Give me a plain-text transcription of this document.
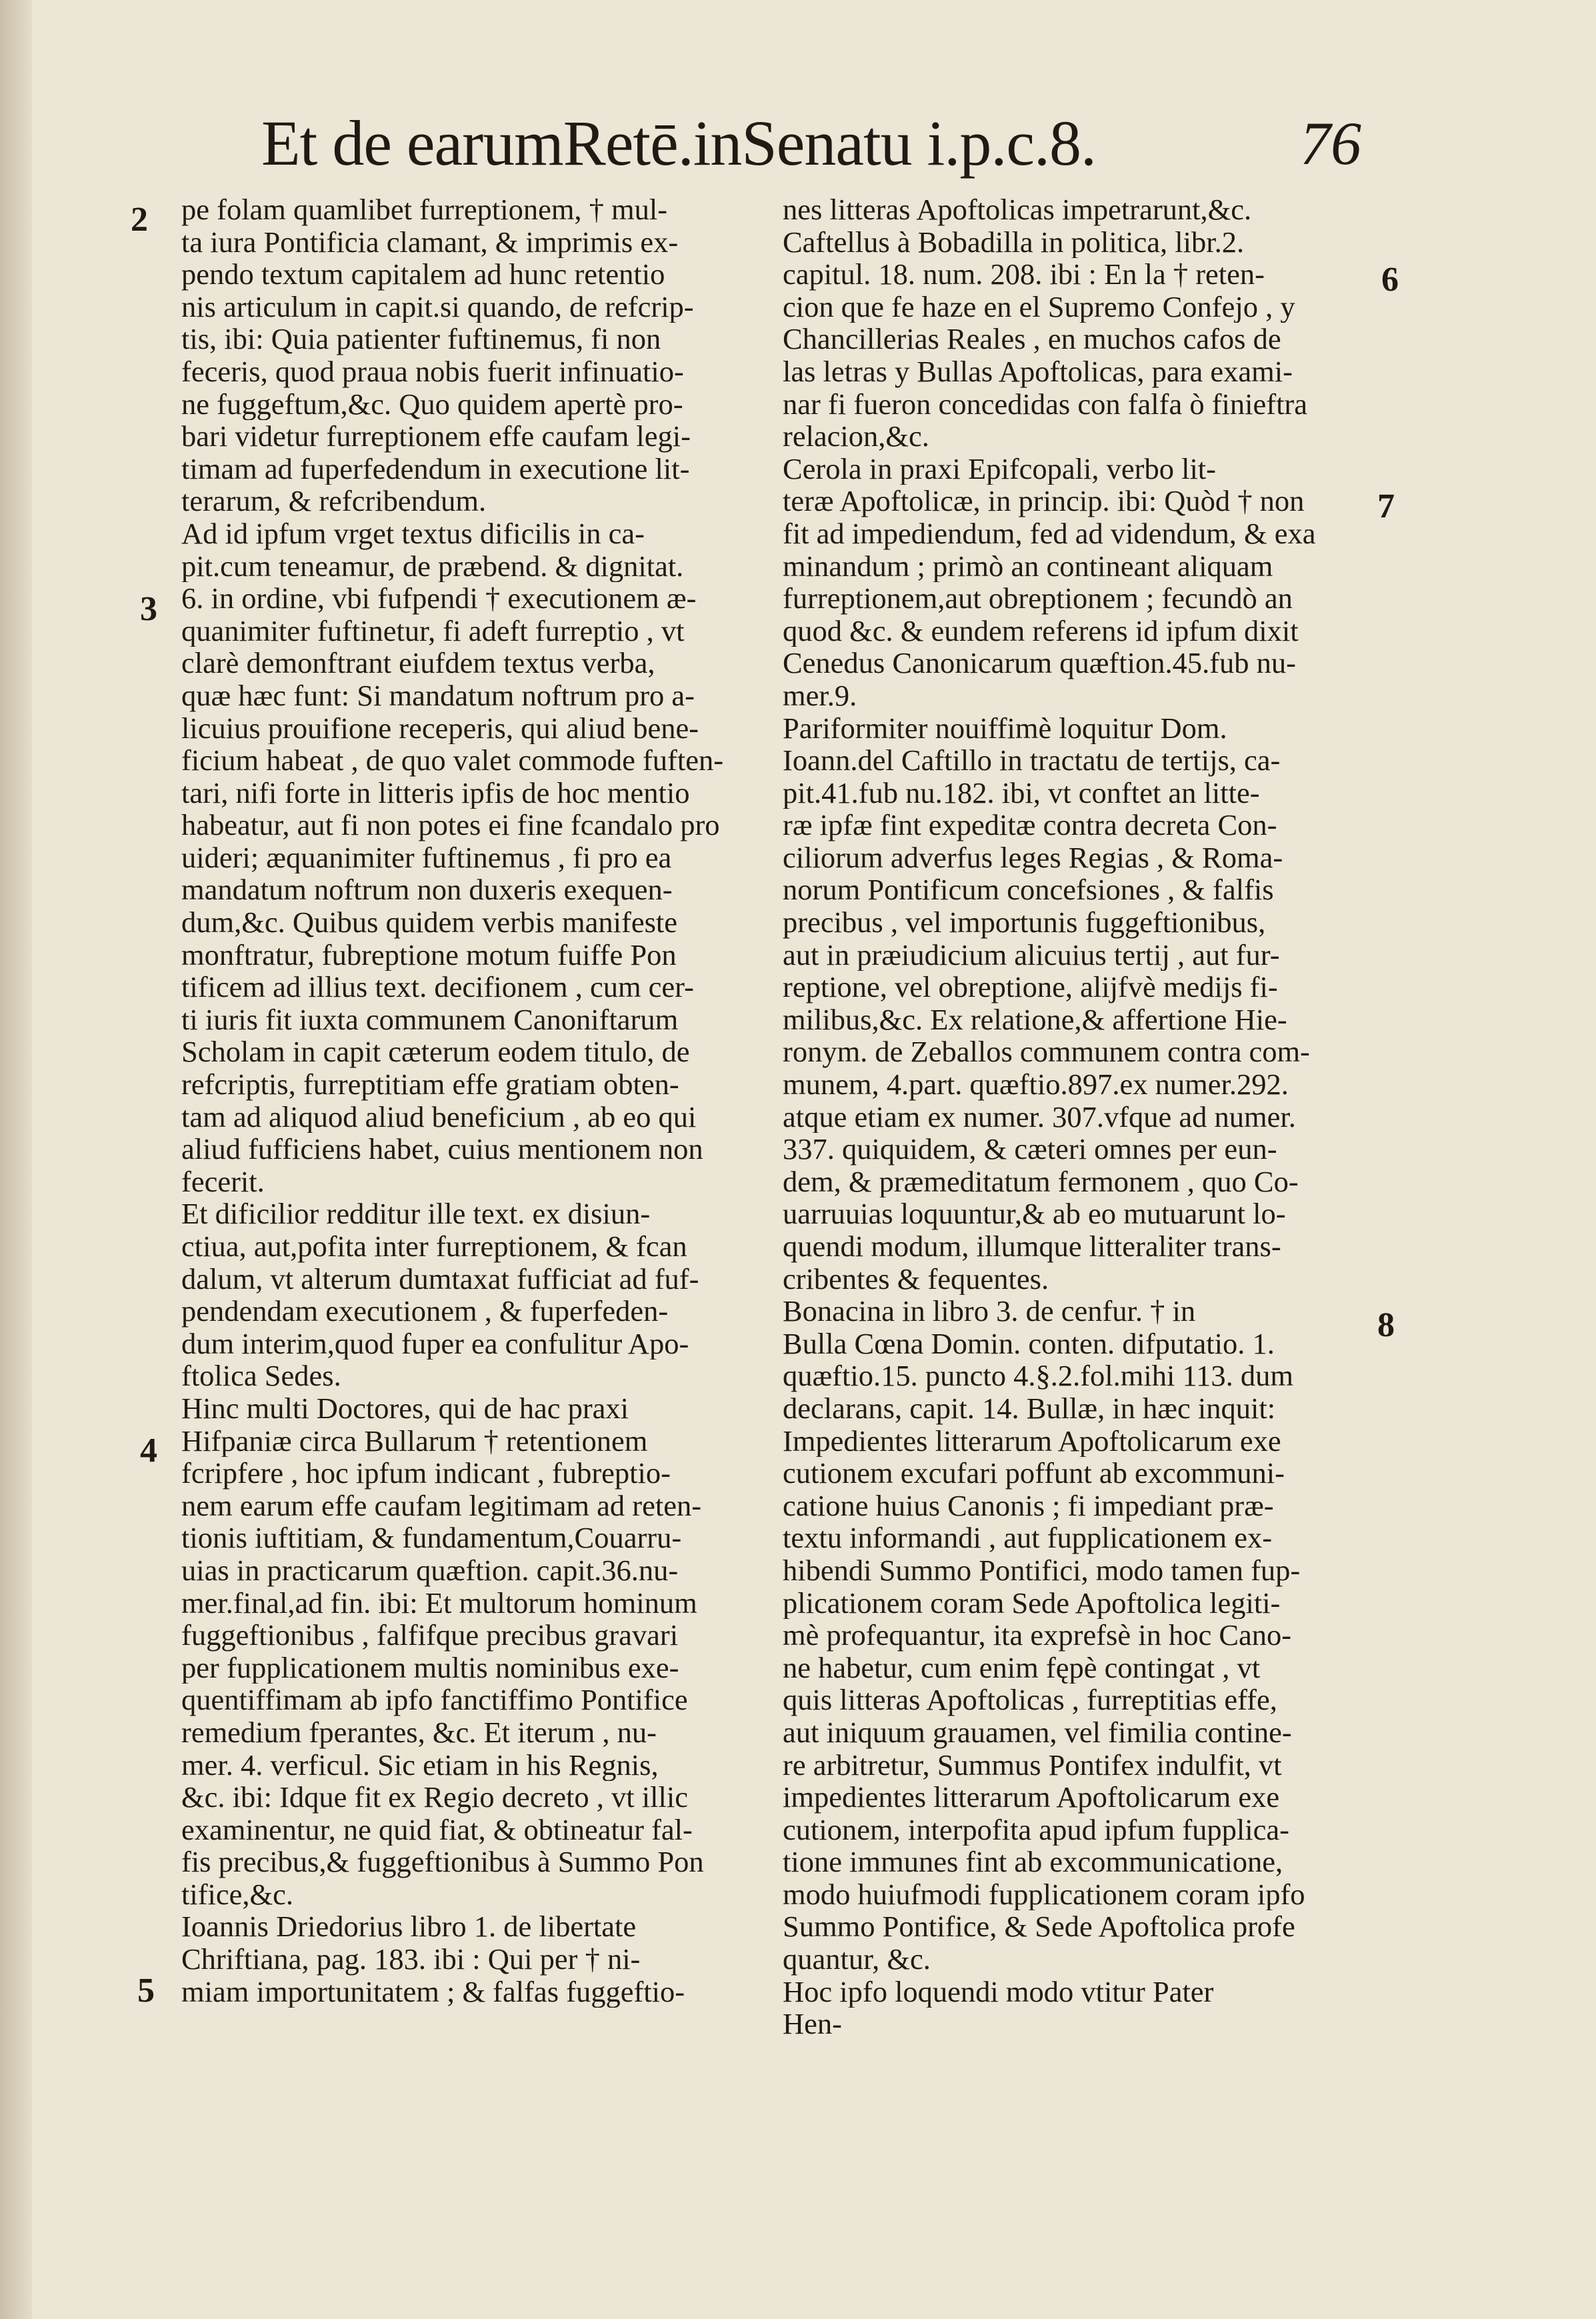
Et de earumRetē.inSenatu i.p.c.8.	76
2
3
4
5
6
7
8
pe folam quamlibet furreptionem, † mul-
ta iura Pontificia clamant, & imprimis ex-
pendo textum capitalem ad hunc retentio
nis articulum in capit.si quando, de refcrip-
tis, ibi: Quia patienter fuftinemus, fi non
feceris, quod praua nobis fuerit infinuatio-
ne fuggeftum,&c. Quo quidem apertè pro-
bari videtur furreptionem effe caufam legi-
timam ad fuperfedendum in executione lit-
terarum, & refcribendum.
Ad id ipfum vrget textus dificilis in ca-
pit.cum teneamur, de præbend. & dignitat.
6. in ordine, vbi fufpendi † executionem æ-
quanimiter fuftinetur, fi adeft furreptio , vt
clarè demonftrant eiufdem textus verba,
quæ hæc funt: Si mandatum noftrum pro a-
licuius prouifione receperis, qui aliud bene-
ficium habeat , de quo valet commode fuften-
tari, nifi forte in litteris ipfis de hoc mentio
habeatur, aut fi non potes ei fine fcandalo pro
uideri; æquanimiter fuftinemus , fi pro ea
mandatum noftrum non duxeris exequen-
dum,&c. Quibus quidem verbis manifeste
monftratur, fubreptione motum fuiffe Pon
tificem ad illius text. decifionem , cum cer-
ti iuris fit iuxta communem Canoniftarum
Scholam in capit cæterum eodem titulo, de
refcriptis, furreptitiam effe gratiam obten-
tam ad aliquod aliud beneficium , ab eo qui
aliud fufficiens habet, cuius mentionem non
fecerit.
Et dificilior redditur ille text. ex disiun-
ctiua, aut,pofita inter furreptionem, & fcan
dalum, vt alterum dumtaxat fufficiat ad fuf-
pendendam executionem , & fuperfeden-
dum interim,quod fuper ea confulitur Apo-
ftolica Sedes.
Hinc multi Doctores, qui de hac praxi
Hifpaniæ circa Bullarum † retentionem
fcripfere , hoc ipfum indicant , fubreptio-
nem earum effe caufam legitimam ad reten-
tionis iuftitiam, & fundamentum,Couarru-
uias in practicarum quæftion. capit.36.nu-
mer.final,ad fin. ibi: Et multorum hominum
fuggeftionibus , falfifque precibus gravari
per fupplicationem multis nominibus exe-
quentiffimam ab ipfo fanctiffimo Pontifice
remedium fperantes, &c. Et iterum , nu-
mer. 4. verficul. Sic etiam in his Regnis,
&c. ibi: Idque fit ex Regio decreto , vt illic
examinentur, ne quid fiat, & obtineatur fal-
fis precibus,& fuggeftionibus à Summo Pon
tifice,&c.
Ioannis Driedorius libro 1. de libertate
Chriftiana, pag. 183. ibi : Qui per † ni-
miam importunitatem ; & falfas fuggeftio-
nes litteras Apoftolicas impetrarunt,&c.
Caftellus à Bobadilla in politica, libr.2.
capitul. 18. num. 208. ibi : En la † reten-
cion que fe haze en el Supremo Confejo , y
Chancillerias Reales , en muchos cafos de
las letras y Bullas Apoftolicas, para exami-
nar fi fueron concedidas con falfa ò finieftra
relacion,&c.
Cerola in praxi Epifcopali, verbo lit-
teræ Apoftolicæ, in princip. ibi: Quòd † non
fit ad impediendum, fed ad videndum, & exa
minandum ; primò an contineant aliquam
furreptionem,aut obreptionem ; fecundò an
quod &c. & eundem referens id ipfum dixit
Cenedus Canonicarum quæftion.45.fub nu-
mer.9.
Pariformiter nouiffimè loquitur Dom.
Ioann.del Caftillo in tractatu de tertijs, ca-
pit.41.fub nu.182. ibi, vt conftet an litte-
ræ ipfæ fint expeditæ contra decreta Con-
ciliorum adverfus leges Regias , & Roma-
norum Pontificum concefsiones , & falfis
precibus , vel importunis fuggeftionibus,
aut in præiudicium alicuius tertij , aut fur-
reptione, vel obreptione, alijfvè medijs fi-
milibus,&c. Ex relatione,& affertione Hie-
ronym. de Zeballos communem contra com-
munem, 4.part. quæftio.897.ex numer.292.
atque etiam ex numer. 307.vfque ad numer.
337. quiquidem, & cæteri omnes per eun-
dem, & præmeditatum fermonem , quo Co-
uarruuias loquuntur,& ab eo mutuarunt lo-
quendi modum, illumque litteraliter trans-
cribentes & fequentes.
Bonacina in libro 3. de cenfur. † in
Bulla Cœna Domin. conten. difputatio. 1.
quæftio.15. puncto 4.§.2.fol.mihi 113. dum
declarans, capit. 14. Bullæ, in hæc inquit:
Impedientes litterarum Apoftolicarum exe
cutionem excufari poffunt ab excommuni-
catione huius Canonis ; fi impediant præ-
textu informandi , aut fupplicationem ex-
hibendi Summo Pontifici, modo tamen fup-
plicationem coram Sede Apoftolica legiti-
mè profequantur, ita exprefsè in hoc Cano-
ne habetur, cum enim fępè contingat , vt
quis litteras Apoftolicas , furreptitias effe,
aut iniquum grauamen, vel fimilia contine-
re arbitretur, Summus Pontifex indulfit, vt
impedientes litterarum Apoftolicarum exe
cutionem, interpofita apud ipfum fupplica-
tione immunes fint ab excommunicatione,
modo huiufmodi fupplicationem coram ipfo
Summo Pontifice, & Sede Apoftolica profe
quantur, &c.
Hoc ipfo loquendi modo vtitur Pater
Hen-
